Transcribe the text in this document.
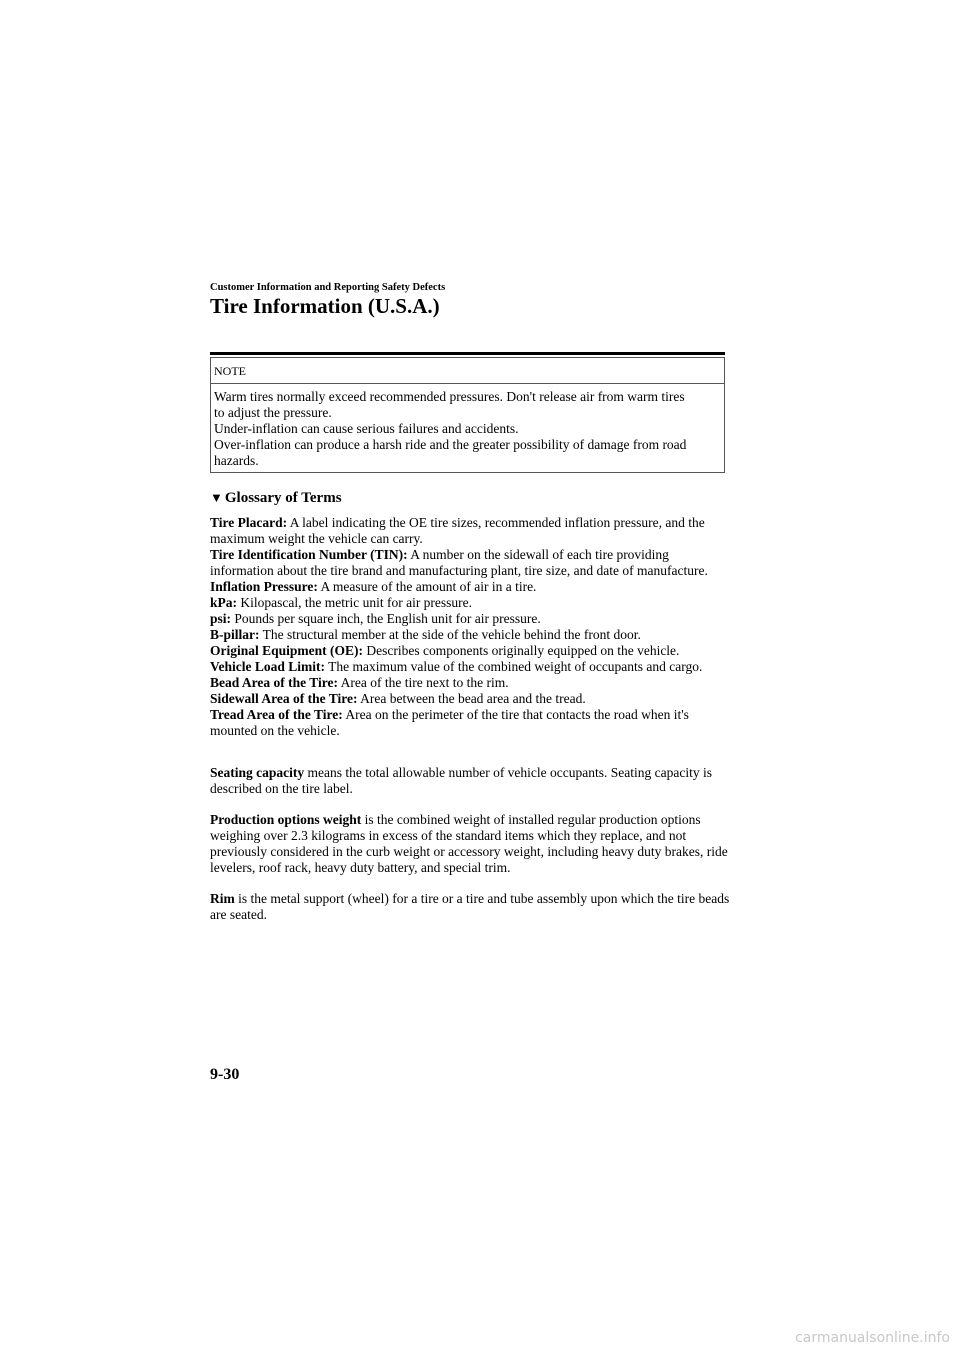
Customer Information and Reporting Safety Defects
Tire Information (U.S.A.)
NOTE
Warm tires normally exceed recommended pressures. Don't release air from warm tires
to adjust the pressure.
Under-inflation can cause serious failures and accidents.
Over-inflation can produce a harsh ride and the greater possibility of damage from road
hazards.
▼ Glossary of Terms

Tire Placard: A label indicating the OE tire sizes, recommended inflation pressure, and the maximum weight the vehicle can carry.

Tire Identification Number (TIN): A number on the sidewall of each tire providing information about the tire brand and manufacturing plant, tire size, and date of manufacture.

Inflation Pressure: A measure of the amount of air in a tire.

kPa: Kilopascal, the metric unit for air pressure.

psi: Pounds per square inch, the English unit for air pressure.

B-pillar: The structural member at the side of the vehicle behind the front door.

Original Equipment (OE): Describes components originally equipped on the vehicle.

Vehicle Load Limit: The maximum value of the combined weight of occupants and cargo.

Bead Area of the Tire: Area of the tire next to the rim.

Sidewall Area of the Tire: Area between the bead area and the tread.

Tread Area of the Tire: Area on the perimeter of the tire that contacts the road when it's mounted on the vehicle.

Seating capacity means the total allowable number of vehicle occupants. Seating capacity is described on the tire label.

Production options weight is the combined weight of installed regular production options weighing over 2.3 kilograms in excess of the standard items which they replace, and not previously considered in the curb weight or accessory weight, including heavy duty brakes, ride levelers, roof rack, heavy duty battery, and special trim.

Rim is the metal support (wheel) for a tire or a tire and tube assembly upon which the tire beads are seated.

9-30
carmanualsonline.info
